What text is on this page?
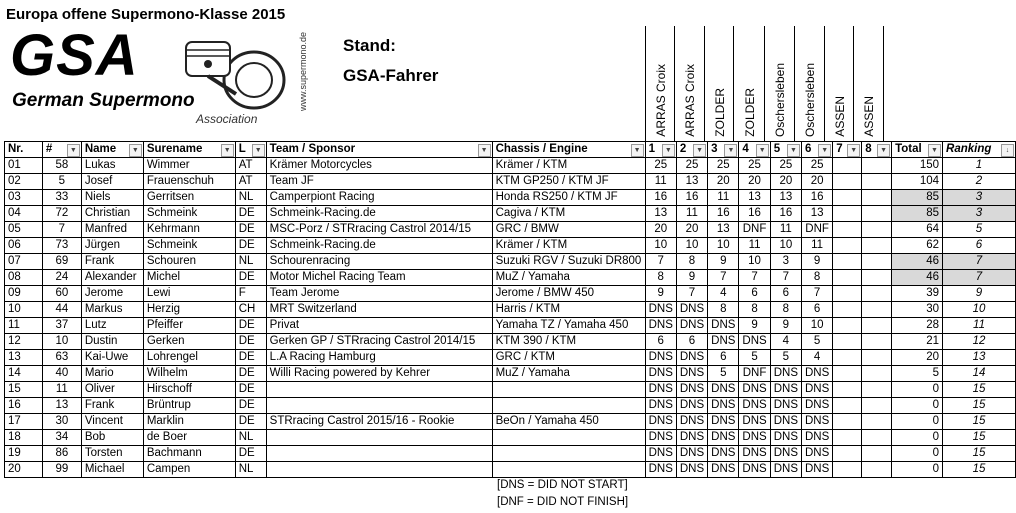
Europa offene Supermono-Klasse 2015
GSA
German Supermono
Association
www.supermono.de Stand:
GSA-Fahrer	ARRAS Croix ARRAS Croix ZOLDER ZOLDER Oschersleben Oschersleben ASSEN ASSEN
Nr.	# ▼	Name ▼	Surename ▼	L ▼	Team / Sponsor ▼	Chassis / Engine ▼	1 ▼	2 ▼	3 ▼	4 ▼	5 ▼	6 ▼	7 ▼	8 ▼	Total ▼	Ranking ↓

01	58	Lukas	Wimmer	AT	Krämer Motorcycles	Krämer / KTM	25	25	25	25	25	25			150	1
02	5	Josef	Frauenschuh	AT	Team JF	KTM GP250 / KTM JF	11	13	20	20	20	20			104	2
03	33	Niels	Gerritsen	NL	Camperpiont Racing	Honda RS250 / KTM JF	16	16	11	13	13	16			85	3
04	72	Christian	Schmeink	DE	Schmeink-Racing.de	Cagiva / KTM	13	11	16	16	16	13			85	3
05	7	Manfred	Kehrmann	DE	MSC-Porz / STRracing Castrol 2014/15	GRC / BMW	20	20	13	DNF	11	DNF			64	5
06	73	Jürgen	Schmeink	DE	Schmeink-Racing.de	Krämer / KTM	10	10	10	11	10	11			62	6
07	69	Frank	Schouren	NL	Schourenracing	Suzuki RGV / Suzuki DR800	7	8	9	10	3	9			46	7
08	24	Alexander	Michel	DE	Motor Michel Racing Team	MuZ / Yamaha	8	9	7	7	7	8			46	7
09	60	Jerome	Lewi	F	Team Jerome	Jerome / BMW 450	9	7	4	6	6	7			39	9
10	44	Markus	Herzig	CH	MRT Switzerland	Harris / KTM	DNS	DNS	8	8	8	6			30	10
11	37	Lutz	Pfeiffer	DE	Privat	Yamaha TZ / Yamaha 450	DNS	DNS	DNS	9	9	10			28	11
12	10	Dustin	Gerken	DE	Gerken GP / STRracing Castrol 2014/15	KTM 390 / KTM	6	6	DNS	DNS	4	5			21	12
13	63	Kai-Uwe	Lohrengel	DE	L.A Racing Hamburg	GRC / KTM	DNS	DNS	6	5	5	4			20	13
14	40	Mario	Wilhelm	DE	Willi Racing powered by Kehrer	MuZ / Yamaha	DNS	DNS	5	DNF	DNS	DNS			5	14
15	11	Oliver	Hirschoff	DE			DNS	DNS	DNS	DNS	DNS	DNS			0	15
16	13	Frank	Brüntrup	DE			DNS	DNS	DNS	DNS	DNS	DNS			0	15
17	30	Vincent	Marklin	DE	STRracing Castrol 2015/16 - Rookie	BeOn / Yamaha 450	DNS	DNS	DNS	DNS	DNS	DNS			0	15
18	34	Bob	de Boer	NL			DNS	DNS	DNS	DNS	DNS	DNS			0	15
19	86	Torsten	Bachmann	DE			DNS	DNS	DNS	DNS	DNS	DNS			0	15
20	99	Michael	Campen	NL			DNS	DNS	DNS	DNS	DNS	DNS			0	15
[DNS = DID NOT START]
[DNF = DID NOT FINISH]
